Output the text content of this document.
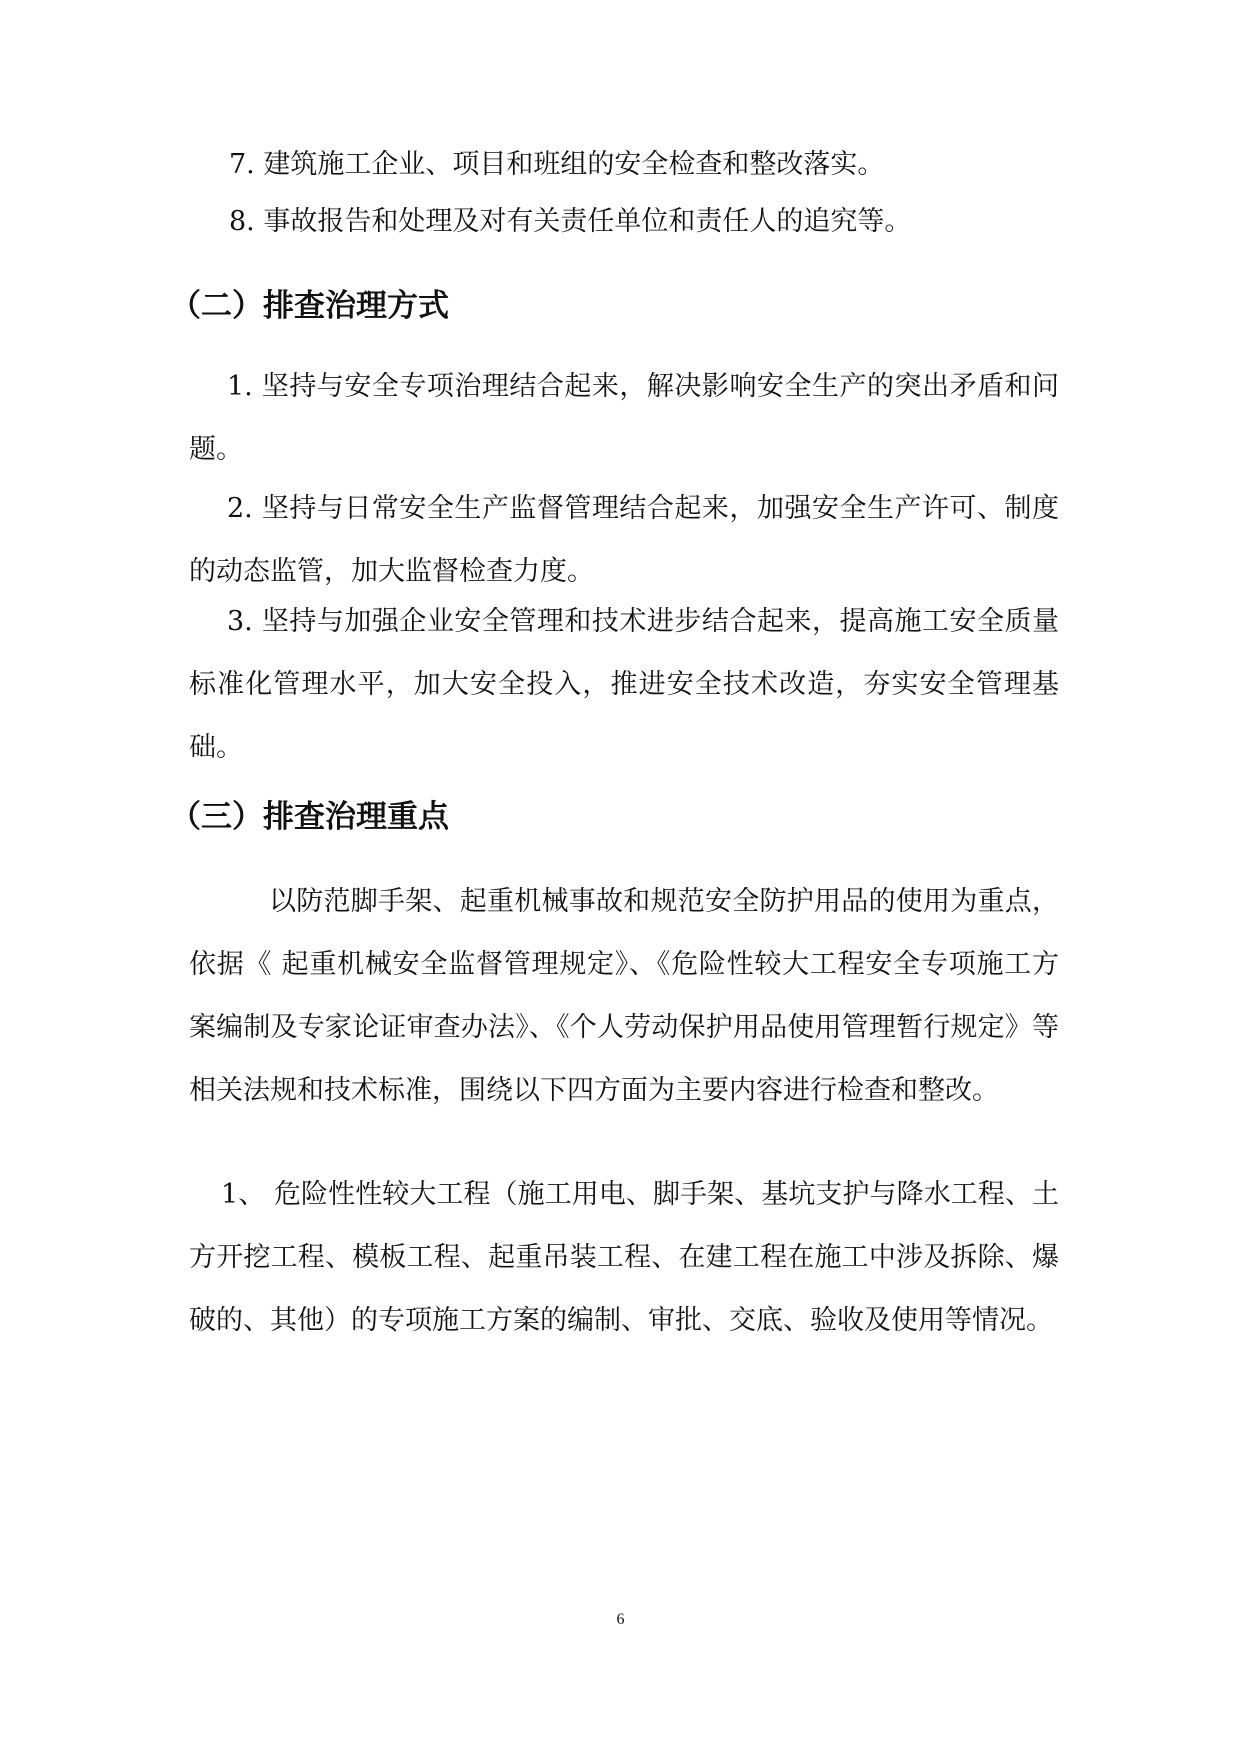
7. 建筑施工企业、项目和班组的安全检查和整改落实。

8. 事故报告和处理及对有关责任单位和责任人的追究等。

（二）排查治理方式

1. 坚持与安全专项治理结合起来，解决影响安全生产的突出矛盾和问题。

2. 坚持与日常安全生产监督管理结合起来，加强安全生产许可、制度的动态监管，加大监督检查力度。

3. 坚持与加强企业安全管理和技术进步结合起来，提高施工安全质量标准化管理水平，加大安全投入，推进安全技术改造，夯实安全管理基础。

（三）排查治理重点

以防范脚手架、起重机械事故和规范安全防护用品的使用为重点，依据《 起重机械安全监督管理规定》、《危险性较大工程安全专项施工方案编制及专家论证审查办法》、《个人劳动保护用品使用管理暂行规定》等相关法规和技术标准，围绕以下四方面为主要内容进行检查和整改。

1、 危险性性较大工程（施工用电、脚手架、基坑支护与降水工程、土方开挖工程、模板工程、起重吊装工程、在建工程在施工中涉及拆除、爆破的、其他）的专项施工方案的编制、审批、交底、验收及使用等情况。

6
